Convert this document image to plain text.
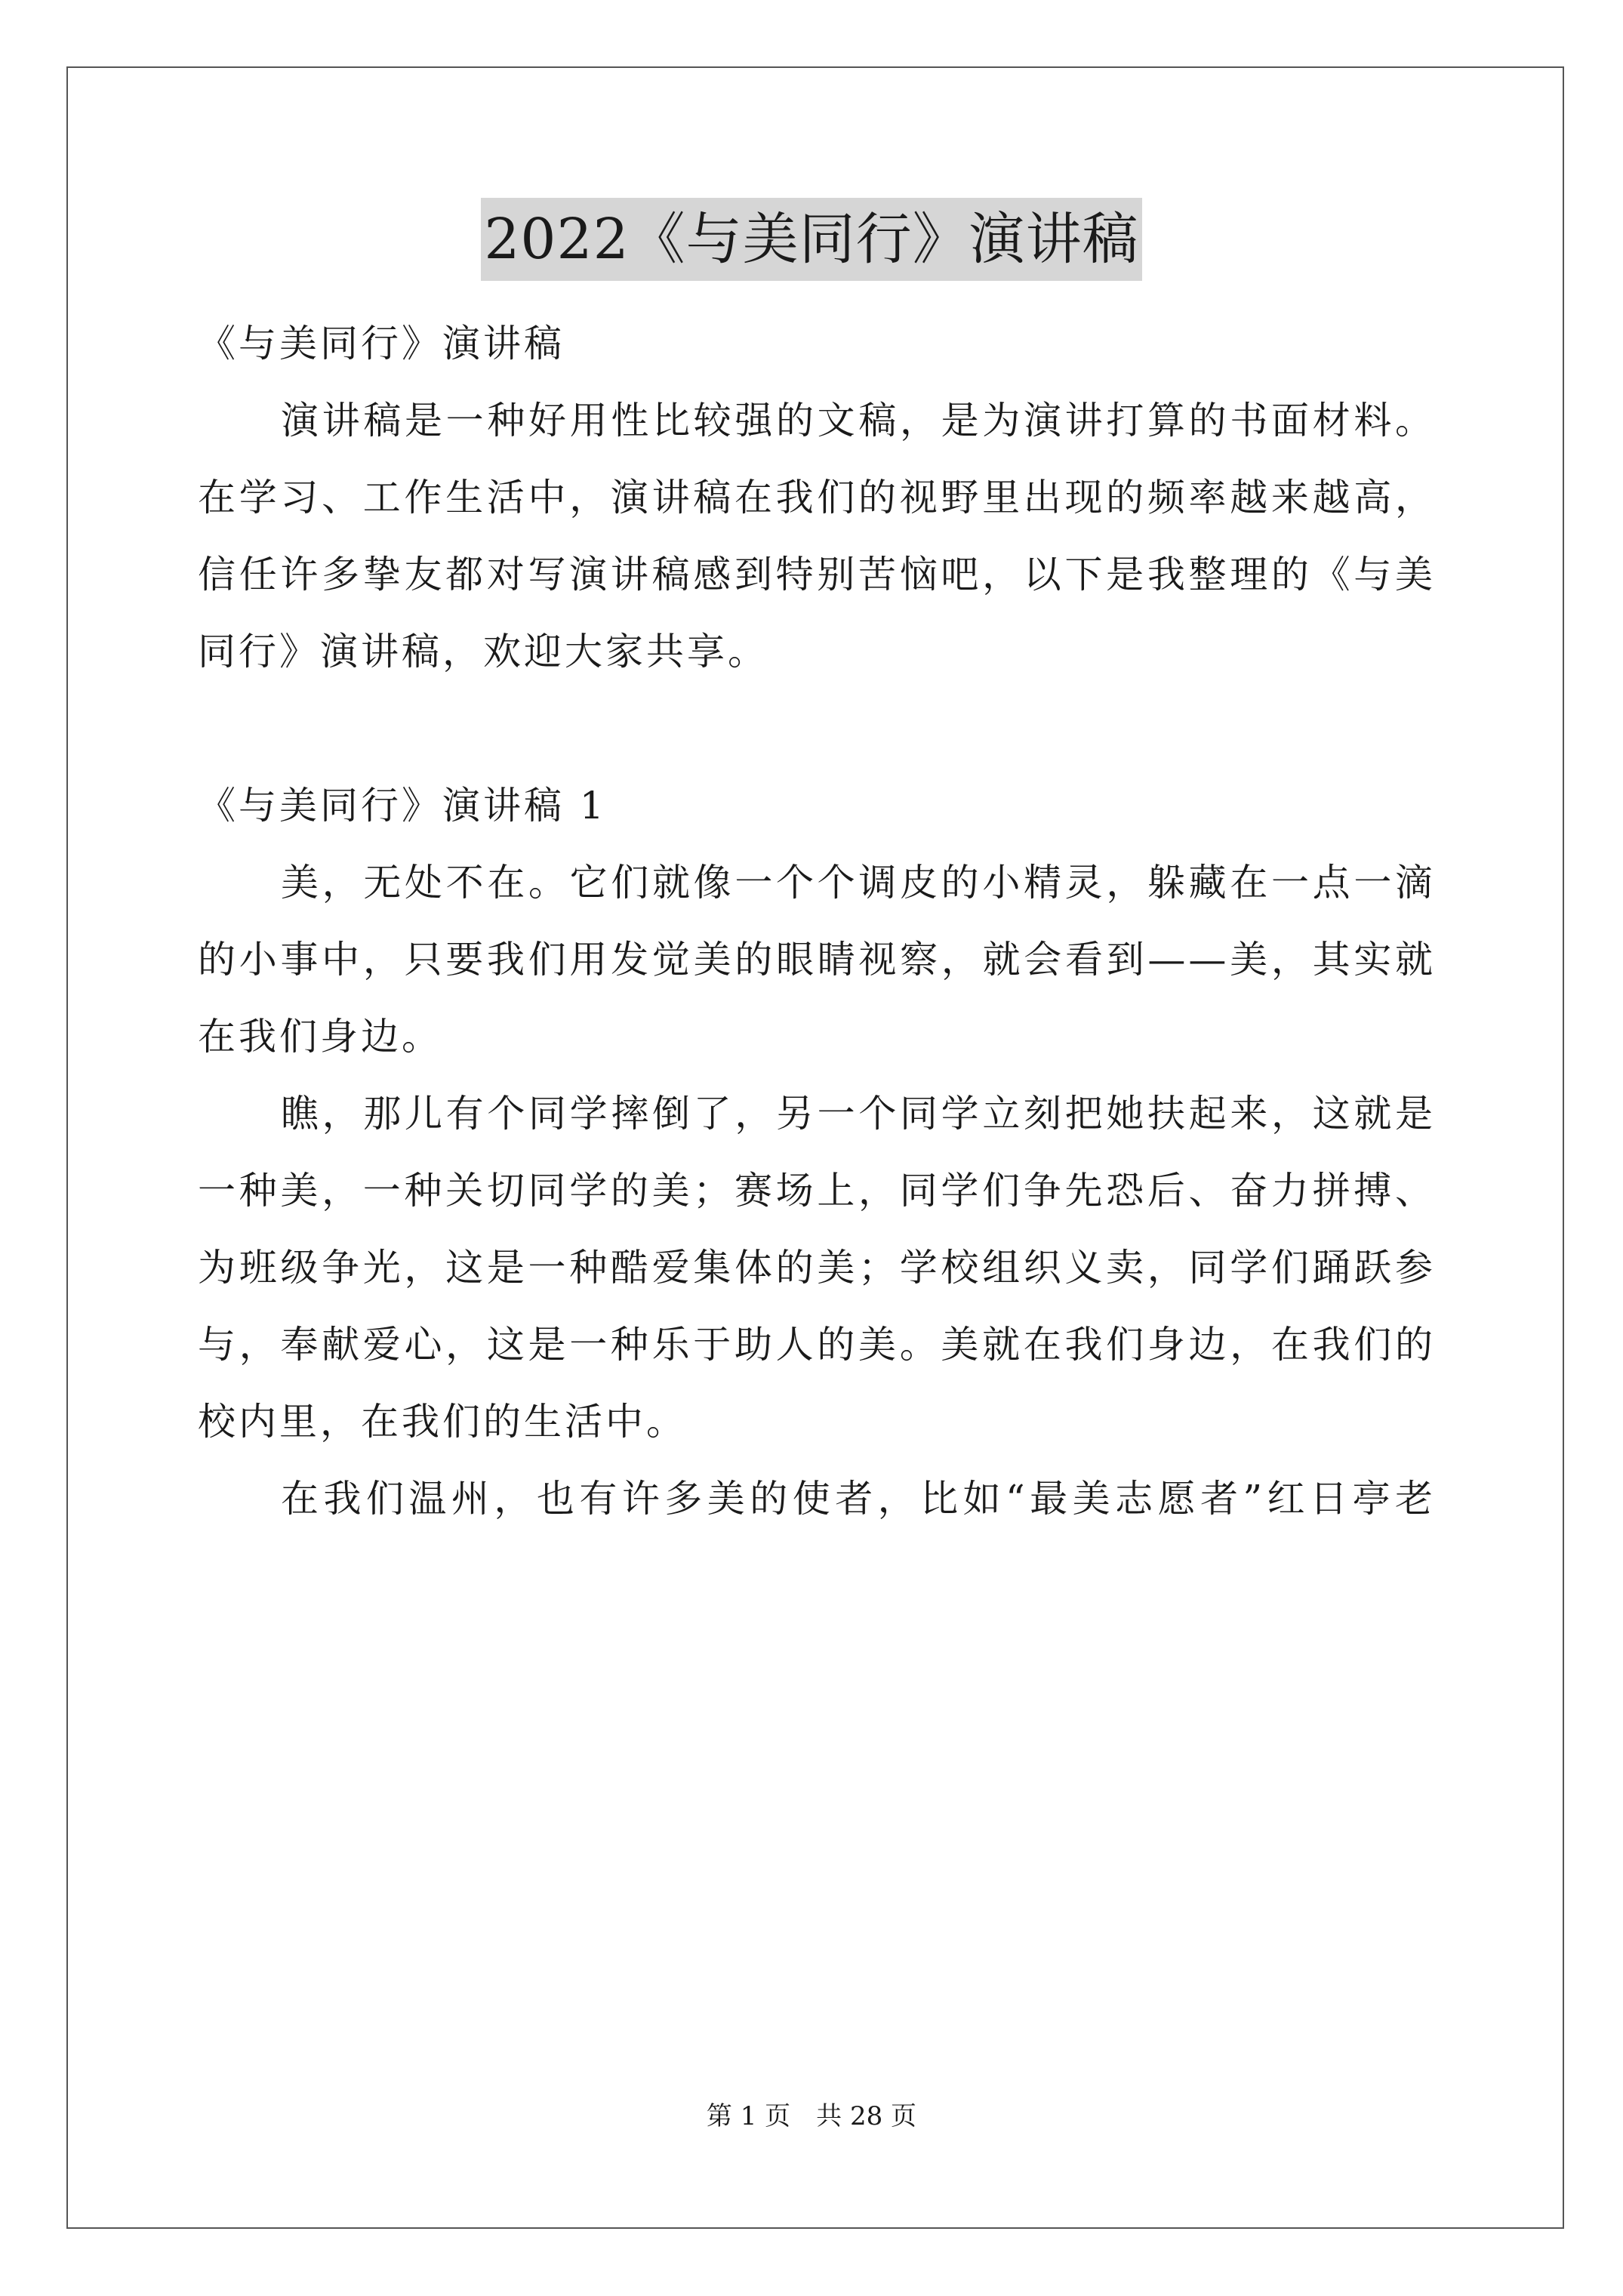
2022《与美同行》演讲稿
《与美同行》演讲稿
演讲稿是一种好用性比较强的文稿，是为演讲打算的书面材料。
在学习、工作生活中，演讲稿在我们的视野里出现的频率越来越高，
信任许多挚友都对写演讲稿感到特别苦恼吧，以下是我整理的《与美
同行》演讲稿，欢迎大家共享。
《与美同行》演讲稿 1
美，无处不在。它们就像一个个调皮的小精灵，躲藏在一点一滴
的小事中，只要我们用发觉美的眼睛视察，就会看到——美，其实就
在我们身边。
瞧，那儿有个同学摔倒了，另一个同学立刻把她扶起来，这就是
一种美，一种关切同学的美；赛场上，同学们争先恐后、奋力拼搏、
为班级争光，这是一种酷爱集体的美；学校组织义卖，同学们踊跃参
与，奉献爱心，这是一种乐于助人的美。美就在我们身边，在我们的
校内里，在我们的生活中。
在我们温州，也有许多美的使者，比如“最美志愿者”红日亭老
第 1 页　共 28 页
